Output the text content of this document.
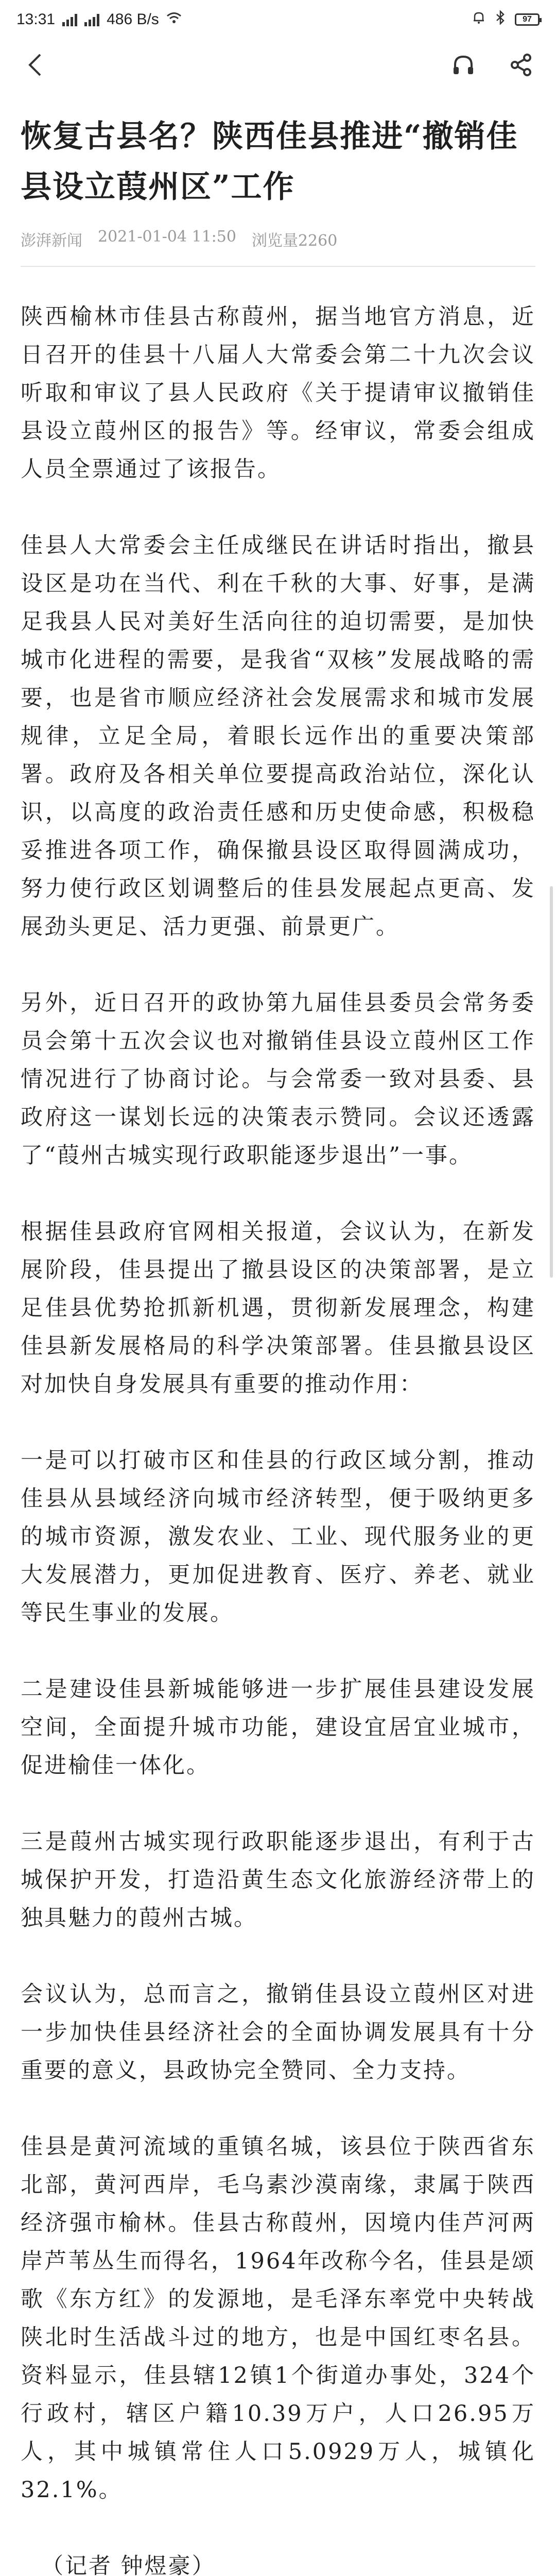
13:31	486 B/s	97
恢复古县名？陕西佳县推进“撤销佳县设立葭州区”工作
澎湃新闻 2021-01-04 11:50 浏览量2260

陕西榆林市佳县古称葭州，据当地官方消息，近日召开的佳县十八届人大常委会第二十九次会议听取和审议了县人民政府《关于提请审议撤销佳县设立葭州区的报告》等。经审议，常委会组成人员全票通过了该报告。

佳县人大常委会主任成继民在讲话时指出，撤县设区是功在当代、利在千秋的大事、好事，是满足我县人民对美好生活向往的迫切需要，是加快城市化进程的需要，是我省“双核”发展战略的需要，也是省市顺应经济社会发展需求和城市发展规律，立足全局，着眼长远作出的重要决策部署。政府及各相关单位要提高政治站位，深化认识，以高度的政治责任感和历史使命感，积极稳妥推进各项工作，确保撤县设区取得圆满成功，努力使行政区划调整后的佳县发展起点更高、发展劲头更足、活力更强、前景更广。

另外，近日召开的政协第九届佳县委员会常务委员会第十五次会议也对撤销佳县设立葭州区工作情况进行了协商讨论。与会常委一致对县委、县政府这一谋划长远的决策表示赞同。会议还透露了“葭州古城实现行政职能逐步退出”一事。

根据佳县政府官网相关报道，会议认为，在新发展阶段，佳县提出了撤县设区的决策部署，是立足佳县优势抢抓新机遇，贯彻新发展理念，构建佳县新发展格局的科学决策部署。佳县撤县设区对加快自身发展具有重要的推动作用：

一是可以打破市区和佳县的行政区域分割，推动佳县从县域经济向城市经济转型，便于吸纳更多的城市资源，激发农业、工业、现代服务业的更大发展潜力，更加促进教育、医疗、养老、就业等民生事业的发展。

二是建设佳县新城能够进一步扩展佳县建设发展空间，全面提升城市功能，建设宜居宜业城市，促进榆佳一体化。

三是葭州古城实现行政职能逐步退出，有利于古城保护开发，打造沿黄生态文化旅游经济带上的独具魅力的葭州古城。

会议认为，总而言之，撤销佳县设立葭州区对进一步加快佳县经济社会的全面协调发展具有十分重要的意义，县政协完全赞同、全力支持。

佳县是黄河流域的重镇名城，该县位于陕西省东北部，黄河西岸，毛乌素沙漠南缘，隶属于陕西经济强市榆林。佳县古称葭州，因境内佳芦河两岸芦苇丛生而得名，1964年改称今名，佳县是颂歌《东方红》的发源地，是毛泽东率党中央转战陕北时生活战斗过的地方，也是中国红枣名县。资料显示，佳县辖12镇1个街道办事处，324个行政村，辖区户籍10.39万户，人口26.95万人，其中城镇常住人口5.0929万人，城镇化32.1%。

（记者 钟煜豪）
